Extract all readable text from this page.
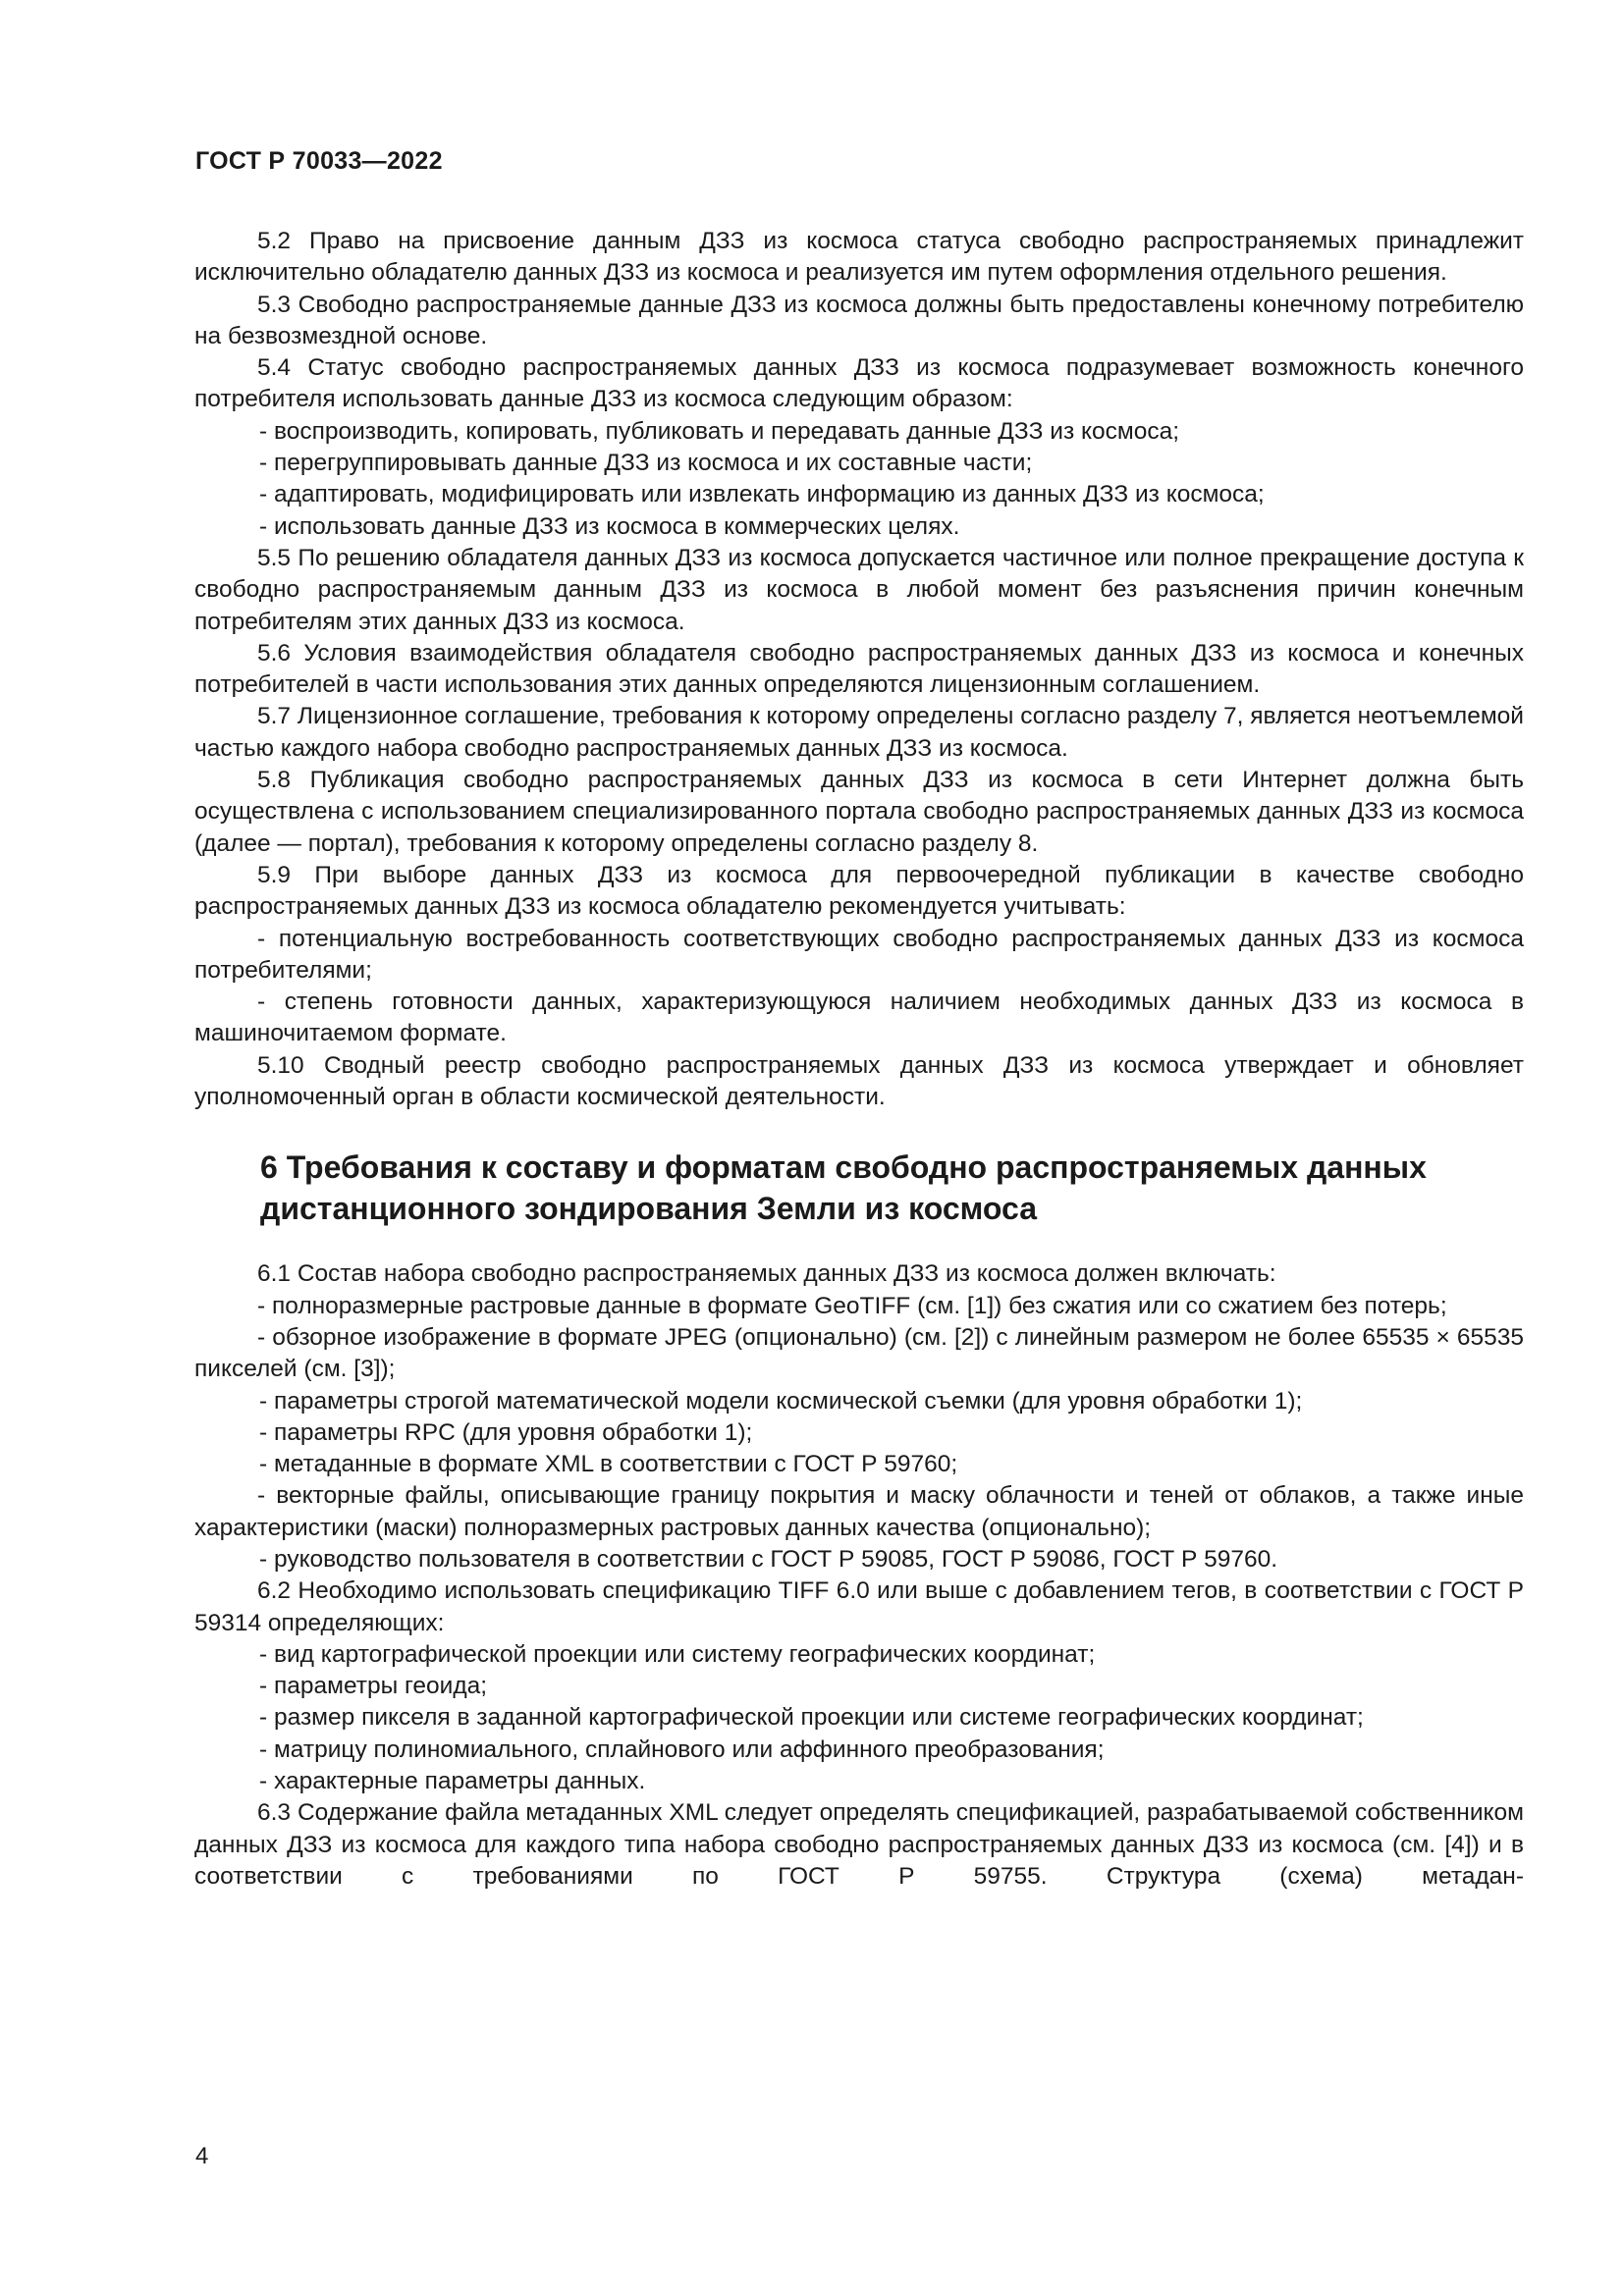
ГОСТ Р 70033—2022

5.2 Право на присвоение данным ДЗЗ из космоса статуса свободно распространяемых принадлежит исключительно обладателю данных ДЗЗ из космоса и реализуется им путем оформления отдельного решения.

5.3 Свободно распространяемые данные ДЗЗ из космоса должны быть предоставлены конечному потребителю на безвозмездной основе.

5.4 Статус свободно распространяемых данных ДЗЗ из космоса подразумевает возможность конечного потребителя использовать данные ДЗЗ из космоса следующим образом:

- воспроизводить, копировать, публиковать и передавать данные ДЗЗ из космоса;

- перегруппировывать данные ДЗЗ из космоса и их составные части;

- адаптировать, модифицировать или извлекать информацию из данных ДЗЗ из космоса;

- использовать данные ДЗЗ из космоса в коммерческих целях.

5.5 По решению обладателя данных ДЗЗ из космоса допускается частичное или полное прекращение доступа к свободно распространяемым данным ДЗЗ из космоса в любой момент без разъяснения причин конечным потребителям этих данных ДЗЗ из космоса.

5.6 Условия взаимодействия обладателя свободно распространяемых данных ДЗЗ из космоса и конечных потребителей в части использования этих данных определяются лицензионным соглашением.

5.7 Лицензионное соглашение, требования к которому определены согласно разделу 7, является неотъемлемой частью каждого набора свободно распространяемых данных ДЗЗ из космоса.

5.8 Публикация свободно распространяемых данных ДЗЗ из космоса в сети Интернет должна быть осуществлена с использованием специализированного портала свободно распространяемых данных ДЗЗ из космоса (далее — портал), требования к которому определены согласно разделу 8.

5.9 При выборе данных ДЗЗ из космоса для первоочередной публикации в качестве свободно распространяемых данных ДЗЗ из космоса обладателю рекомендуется учитывать:

- потенциальную востребованность соответствующих свободно распространяемых данных ДЗЗ из космоса потребителями;

- степень готовности данных, характеризующуюся наличием необходимых данных ДЗЗ из космоса в машиночитаемом формате.

5.10 Сводный реестр свободно распространяемых данных ДЗЗ из космоса утверждает и обновляет уполномоченный орган в области космической деятельности.

6 Требования к составу и форматам свободно распространяемых данных
дистанционного зондирования Земли из космоса

6.1 Состав набора свободно распространяемых данных ДЗЗ из космоса должен включать:

- полноразмерные растровые данные в формате GeoTIFF (см. [1]) без сжатия или со сжатием без потерь;

- обзорное изображение в формате JPEG (опционально) (см. [2]) с линейным размером не более 65535 × 65535 пикселей (см. [3]);

- параметры строгой математической модели космической съемки (для уровня обработки 1);

- параметры RPC (для уровня обработки 1);

- метаданные в формате XML в соответствии с ГОСТ Р 59760;

- векторные файлы, описывающие границу покрытия и маску облачности и теней от облаков, а также иные характеристики (маски) полноразмерных растровых данных качества (опционально);

- руководство пользователя в соответствии с ГОСТ Р 59085, ГОСТ Р 59086, ГОСТ Р 59760.

6.2 Необходимо использовать спецификацию TIFF 6.0 или выше с добавлением тегов, в соответствии с ГОСТ Р 59314 определяющих:

- вид картографической проекции или систему географических координат;

- параметры геоида;

- размер пикселя в заданной картографической проекции или системе географических координат;

- матрицу полиномиального, сплайнового или аффинного преобразования;

- характерные параметры данных.

6.3 Содержание файла метаданных XML следует определять спецификацией, разрабатываемой собственником данных ДЗЗ из космоса для каждого типа набора свободно распространяемых данных ДЗЗ из космоса (см. [4]) и в соответствии с требованиями по ГОСТ Р 59755. Структура (схема) метадан-

4
